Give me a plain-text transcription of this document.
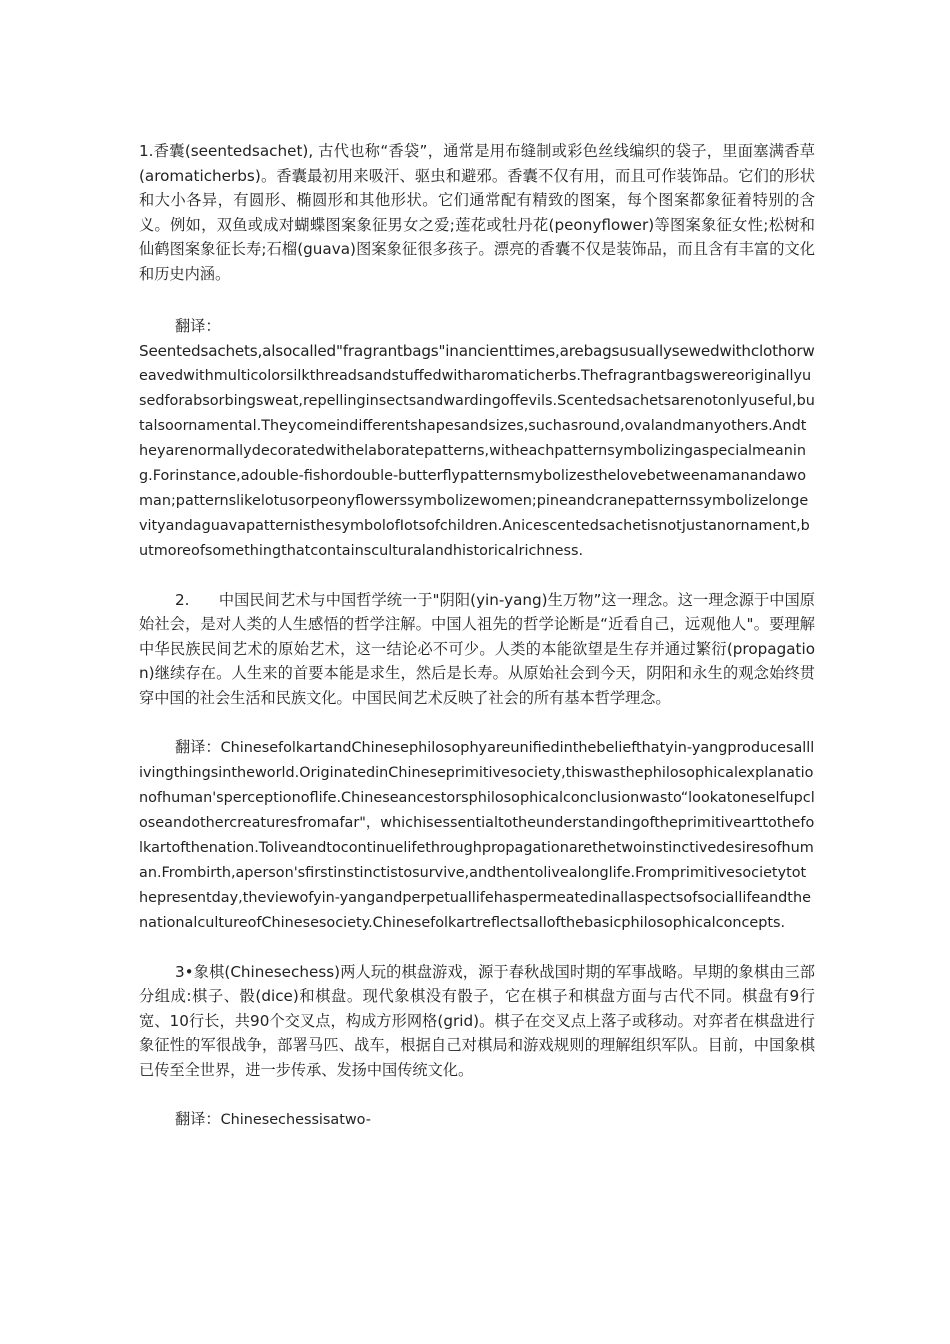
1.香囊(seentedsachet), 古代也称“香袋”，通常是用布缝制或彩色丝线编织的袋子，里面塞满香草(aromaticherbs)。香囊最初用来吸汗、驱虫和避邪。香囊不仅有用，而且可作装饰品。它们的形状和大小各异，有圆形、椭圆形和其他形状。它们通常配有精致的图案，每个图案都象征着特别的含义。例如，双鱼或成对蝴蝶图案象征男女之爱;莲花或牡丹花(peonyflower)等图案象征女性;松树和仙鹤图案象征长寿;石榴(guava)图案象征很多孩子。漂亮的香囊不仅是装饰品，而且含有丰富的文化和历史内涵。

翻译：

Seentedsachets,alsocalled"fragrantbags"inancienttimes,arebagsusuallysewedwithclothorw

eavedwithmulticolorsilkthreadsandstuffedwitharomaticherbs.Thefragrantbagswereoriginallyusedforabsorbingsweat,repellinginsectsandwardingoffevils.Scentedsachetsarenotonlyuseful,butalsoornamental.Theycomeindifferentshapesandsizes,suchasround,ovalandmanyothers.Andtheyarenormallydecoratedwithelaboratepatterns,witheachpatternsymbolizingaspecialmeaning.Forinstance,adouble-fishordouble-butterflypatternsmybolizesthelovebetweenamanandawoman;patternslikelotusorpeonyflowerssymbolizewomen;pineandcranepatternssymbolizelongevityandaguavapatternisthesymbolofIotsofchildren.Anicescentedsachetisnotjustanornament,butmoreofsomethingthatcontainsculturalandhistoricalrichness.

2.      中国民间艺术与中国哲学统一于"阴阳(yin-yang)生万物”这一理念。这一理念源于中国原始社会，是对人类的人生感悟的哲学注解。中国人祖先的哲学论断是“近看自己，远观他人"。要理解中华民族民间艺术的原始艺术，这一结论必不可少。人类的本能欲望是生存并通过繁衍(propagation)继续存在。人生来的首要本能是求生，然后是长寿。从原始社会到今天，阴阳和永生的观念始终贯穿中国的社会生活和民族文化。中国民间艺术反映了社会的所有基本哲学理念。

翻译：ChinesefolkartandChinesephilosophyareunifiedinthebeliefthatyin-yangproducesalllivingthingsintheworld.OriginatedinChineseprimitivesociety,thiswasthephilosophicalexplanationofhuman'sperceptionoflife.Chineseancestorsphilosophicalconclusionwasto“lookatoneselfupcloseandothercreaturesfromafar"，whichisessentialtotheunderstandingoftheprimitivearttothefolkartofthenation.Toliveandtocontinuelifethroughpropagationarethetwoinstinctivedesiresofhuman.Frombirth,aperson'sfirstinstinctistosurvive,andthentolivealonglife.Fromprimitivesocietytothepresentday,theviewofyin-yangandperpetuallifehaspermeatedinallaspectsofsociallifeandthenationalcultureofChinesesociety.Chinesefolkartreflectsallofthebasicphilosophicalconcepts.

3•象棋(Chinesechess)两人玩的棋盘游戏，源于春秋战国时期的军事战略。早期的象棋由三部分组成:棋子、骰(dice)和棋盘。现代象棋没有骰子，它在棋子和棋盘方面与古代不同。棋盘有9行宽、10行长，共90个交叉点，构成方形网格(grid)。棋子在交叉点上落子或移动。对弈者在棋盘进行象征性的军很战争，部署马匹、战车，根据自己对棋局和游戏规则的理解组织军队。目前，中国象棋已传至全世界，进一步传承、发扬中国传统文化。

翻译：Chinesechessisatwo-
